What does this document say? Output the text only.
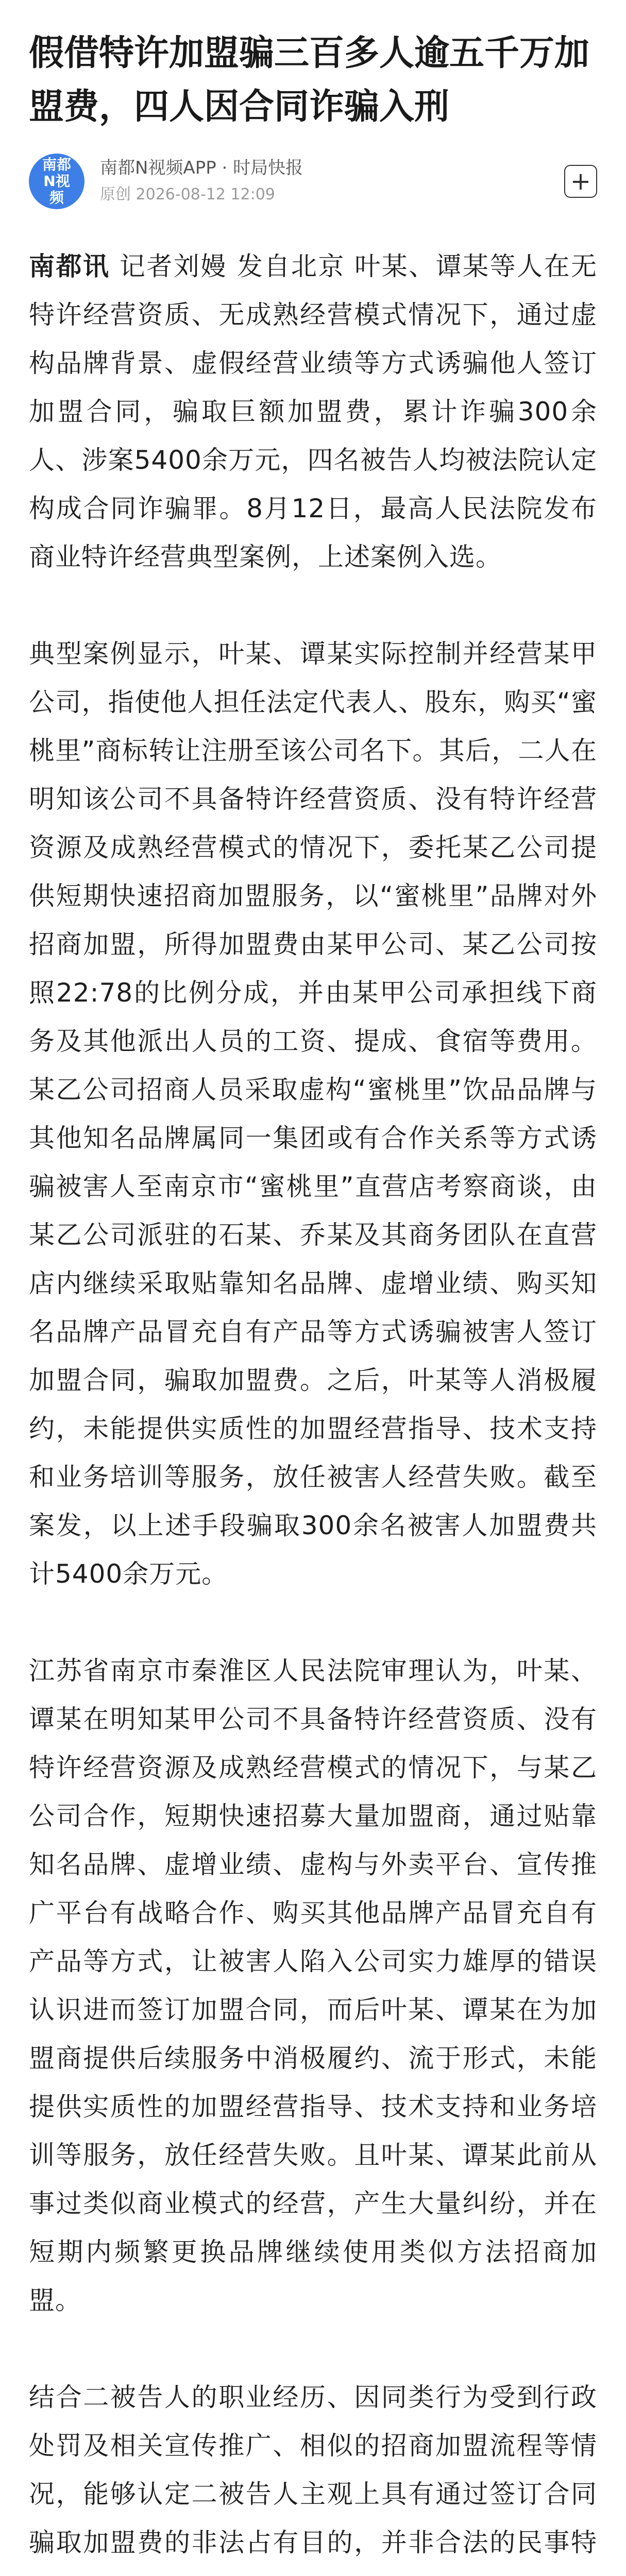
假借特许加盟骗三百多人逾五千万加盟费，四人因合同诈骗入刑
南都N视频
南都N视频APP · 时局快报
原创 2026-08-12 12:09	+

南都讯 记者刘嫚 发自北京 叶某、谭某等人在无特许经营资质、无成熟经营模式情况下，通过虚构品牌背景、虚假经营业绩等方式诱骗他人签订加盟合同，骗取巨额加盟费，累计诈骗300余人、涉案5400余万元，四名被告人均被法院认定构成合同诈骗罪。8月12日，最高人民法院发布商业特许经营典型案例，上述案例入选。

典型案例显示，叶某、谭某实际控制并经营某甲公司，指使他人担任法定代表人、股东，购买“蜜桃里”商标转让注册至该公司名下。其后，二人在明知该公司不具备特许经营资质、没有特许经营资源及成熟经营模式的情况下，委托某乙公司提供短期快速招商加盟服务，以“蜜桃里”品牌对外招商加盟，所得加盟费由某甲公司、某乙公司按照22:78的比例分成，并由某甲公司承担线下商务及其他派出人员的工资、提成、食宿等费用。某乙公司招商人员采取虚构“蜜桃里”饮品品牌与其他知名品牌属同一集团或有合作关系等方式诱骗被害人至南京市“蜜桃里”直营店考察商谈，由某乙公司派驻的石某、乔某及其商务团队在直营店内继续采取贴靠知名品牌、虚增业绩、购买知名品牌产品冒充自有产品等方式诱骗被害人签订加盟合同，骗取加盟费。之后，叶某等人消极履约，未能提供实质性的加盟经营指导、技术支持和业务培训等服务，放任被害人经营失败。截至案发，以上述手段骗取300余名被害人加盟费共计5400余万元。

江苏省南京市秦淮区人民法院审理认为，叶某、谭某在明知某甲公司不具备特许经营资质、没有特许经营资源及成熟经营模式的情况下，与某乙公司合作，短期快速招募大量加盟商，通过贴靠知名品牌、虚增业绩、虚构与外卖平台、宣传推广平台有战略合作、购买其他品牌产品冒充自有产品等方式，让被害人陷入公司实力雄厚的错误认识进而签订加盟合同，而后叶某、谭某在为加盟商提供后续服务中消极履约、流于形式，未能提供实质性的加盟经营指导、技术支持和业务培训等服务，放任经营失败。且叶某、谭某此前从事过类似商业模式的经营，产生大量纠纷，并在短期内频繁更换品牌继续使用类似方法招商加盟。

结合二被告人的职业经历、因同类行为受到行政处罚及相关宣传推广、相似的招商加盟流程等情况，能够认定二被告人主观上具有通过签订合同骗取加盟费的非法占有目的，并非合法的民事特
